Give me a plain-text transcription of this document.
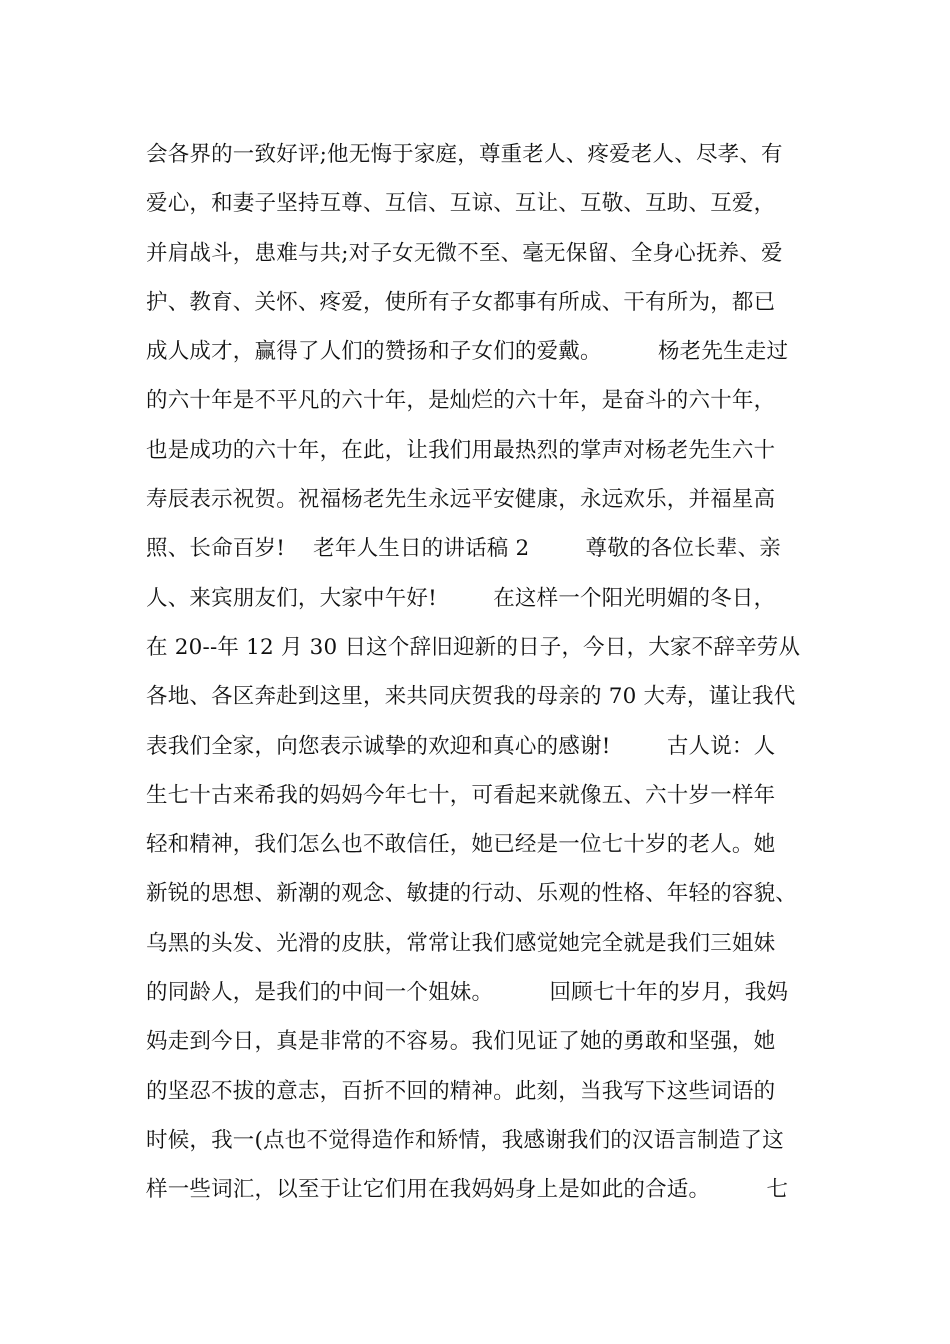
会各界的一致好评;他无悔于家庭，尊重老人、疼爱老人、尽孝、有
爱心，和妻子坚持互尊、互信、互谅、互让、互敬、互助、互爱，
并肩战斗，患难与共;对子女无微不至、毫无保留、全身心抚养、爱
护、教育、关怀、疼爱，使所有子女都事有所成、干有所为，都已
成人成才，赢得了人们的赞扬和子女们的爱戴。        杨老先生走过
的六十年是不平凡的六十年，是灿烂的六十年，是奋斗的六十年，
也是成功的六十年，在此，让我们用最热烈的掌声对杨老先生六十
寿辰表示祝贺。祝福杨老先生永远平安健康，永远欢乐，并福星高
照、长命百岁!    老年人生日的讲话稿 2        尊敬的各位长辈、亲
人、来宾朋友们，大家中午好!        在这样一个阳光明媚的冬日，
在 20--年 12 月 30 日这个辞旧迎新的日子，今日，大家不辞辛劳从
各地、各区奔赴到这里，来共同庆贺我的母亲的 70 大寿，谨让我代
表我们全家，向您表示诚挚的欢迎和真心的感谢!        古人说：人
生七十古来希我的妈妈今年七十，可看起来就像五、六十岁一样年
轻和精神，我们怎么也不敢信任，她已经是一位七十岁的老人。她
新锐的思想、新潮的观念、敏捷的行动、乐观的性格、年轻的容貌、
乌黑的头发、光滑的皮肤，常常让我们感觉她完全就是我们三姐妹
的同龄人，是我们的中间一个姐妹。        回顾七十年的岁月，我妈
妈走到今日，真是非常的不容易。我们见证了她的勇敢和坚强，她
的坚忍不拔的意志，百折不回的精神。此刻，当我写下这些词语的
时候，我一(点也不觉得造作和矫情，我感谢我们的汉语言制造了这
样一些词汇，以至于让它们用在我妈妈身上是如此的合适。        七
